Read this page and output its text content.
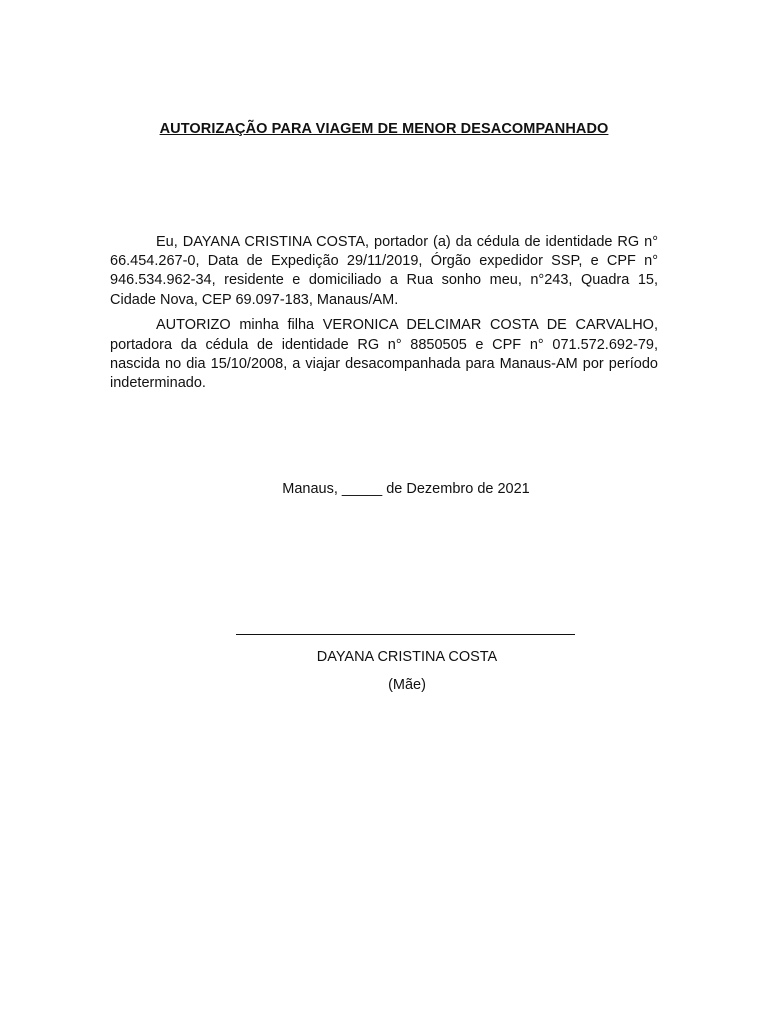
AUTORIZAÇÃO PARA VIAGEM DE MENOR DESACOMPANHADO

Eu, DAYANA CRISTINA COSTA, portador (a) da cédula de identidade RG n° 66.454.267-0, Data de Expedição 29/11/2019, Órgão expedidor SSP, e CPF n° 946.534.962-34, residente e domiciliado a Rua sonho meu, n°243, Quadra 15, Cidade Nova, CEP 69.097-183, Manaus/AM.

AUTORIZO minha filha VERONICA DELCIMAR COSTA DE CARVALHO, portadora da cédula de identidade RG n° 8850505 e CPF n° 071.572.692-79, nascida no dia 15/10/2008, a viajar desacompanhada para Manaus-AM por período indeterminado.

Manaus, _____ de Dezembro de 2021
DAYANA CRISTINA COSTA
(Mãe)
